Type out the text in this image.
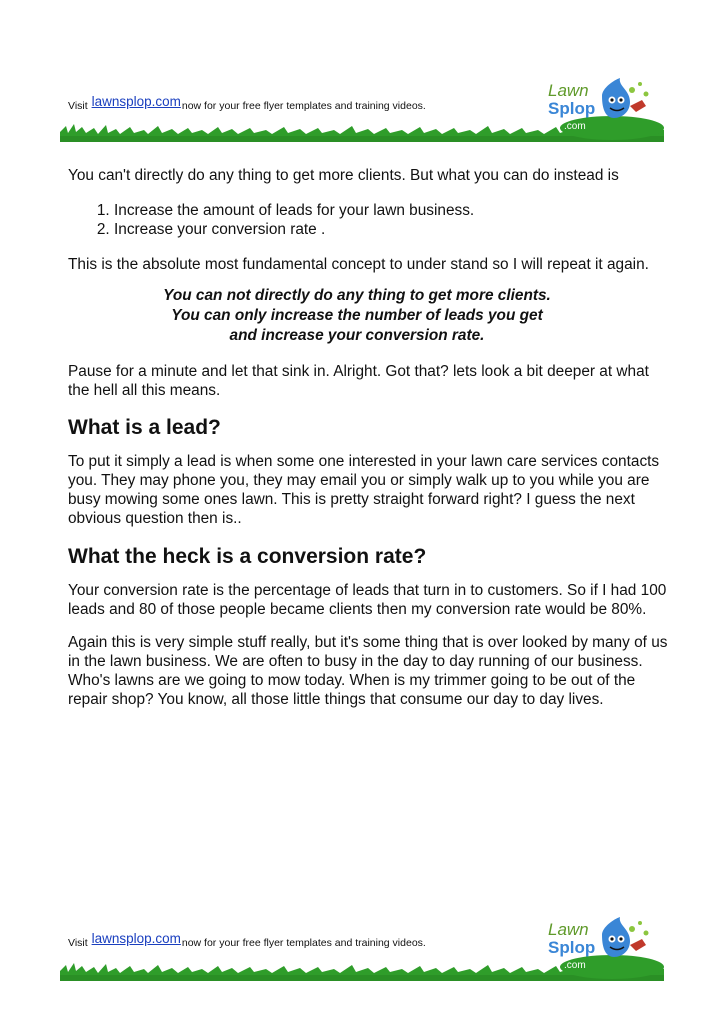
Visit lawnsplop.comnow for your free flyer templates and training videos.
Lawn
Splop
.com

You can't directly do any thing to get more clients. But what you can do instead is

1. Increase the amount of leads for your lawn business.
2. Increase your conversion rate .

This is the absolute most fundamental concept to under stand so I will repeat it again.

You can not directly do any thing to get more clients.
You can only increase the number of leads you get
and increase your conversion rate.

Pause for a minute and let that sink in. Alright. Got that? lets look a bit deeper at what the hell all this means.

What is a lead?

To put it simply a lead is when some one interested in your lawn care services contacts you. They may phone you, they may email you or simply walk up to you while you are busy mowing some ones lawn. This is pretty straight forward right? I guess the next obvious question then is..

What the heck is a conversion rate?

Your conversion rate is the percentage of leads that turn in to customers. So if I had 100 leads and 80 of those people became clients then my conversion rate would be 80%.

Again this is very simple stuff really, but it's some thing that is over looked by many of us in the lawn business. We are often to busy in the day to day running of our business. Who's lawns are we going to mow today. When is my trimmer going to be out of the repair shop? You know, all those little things that consume our day to day lives.

Visit lawnsplop.comnow for your free flyer templates and training videos.
Lawn
Splop
.com
